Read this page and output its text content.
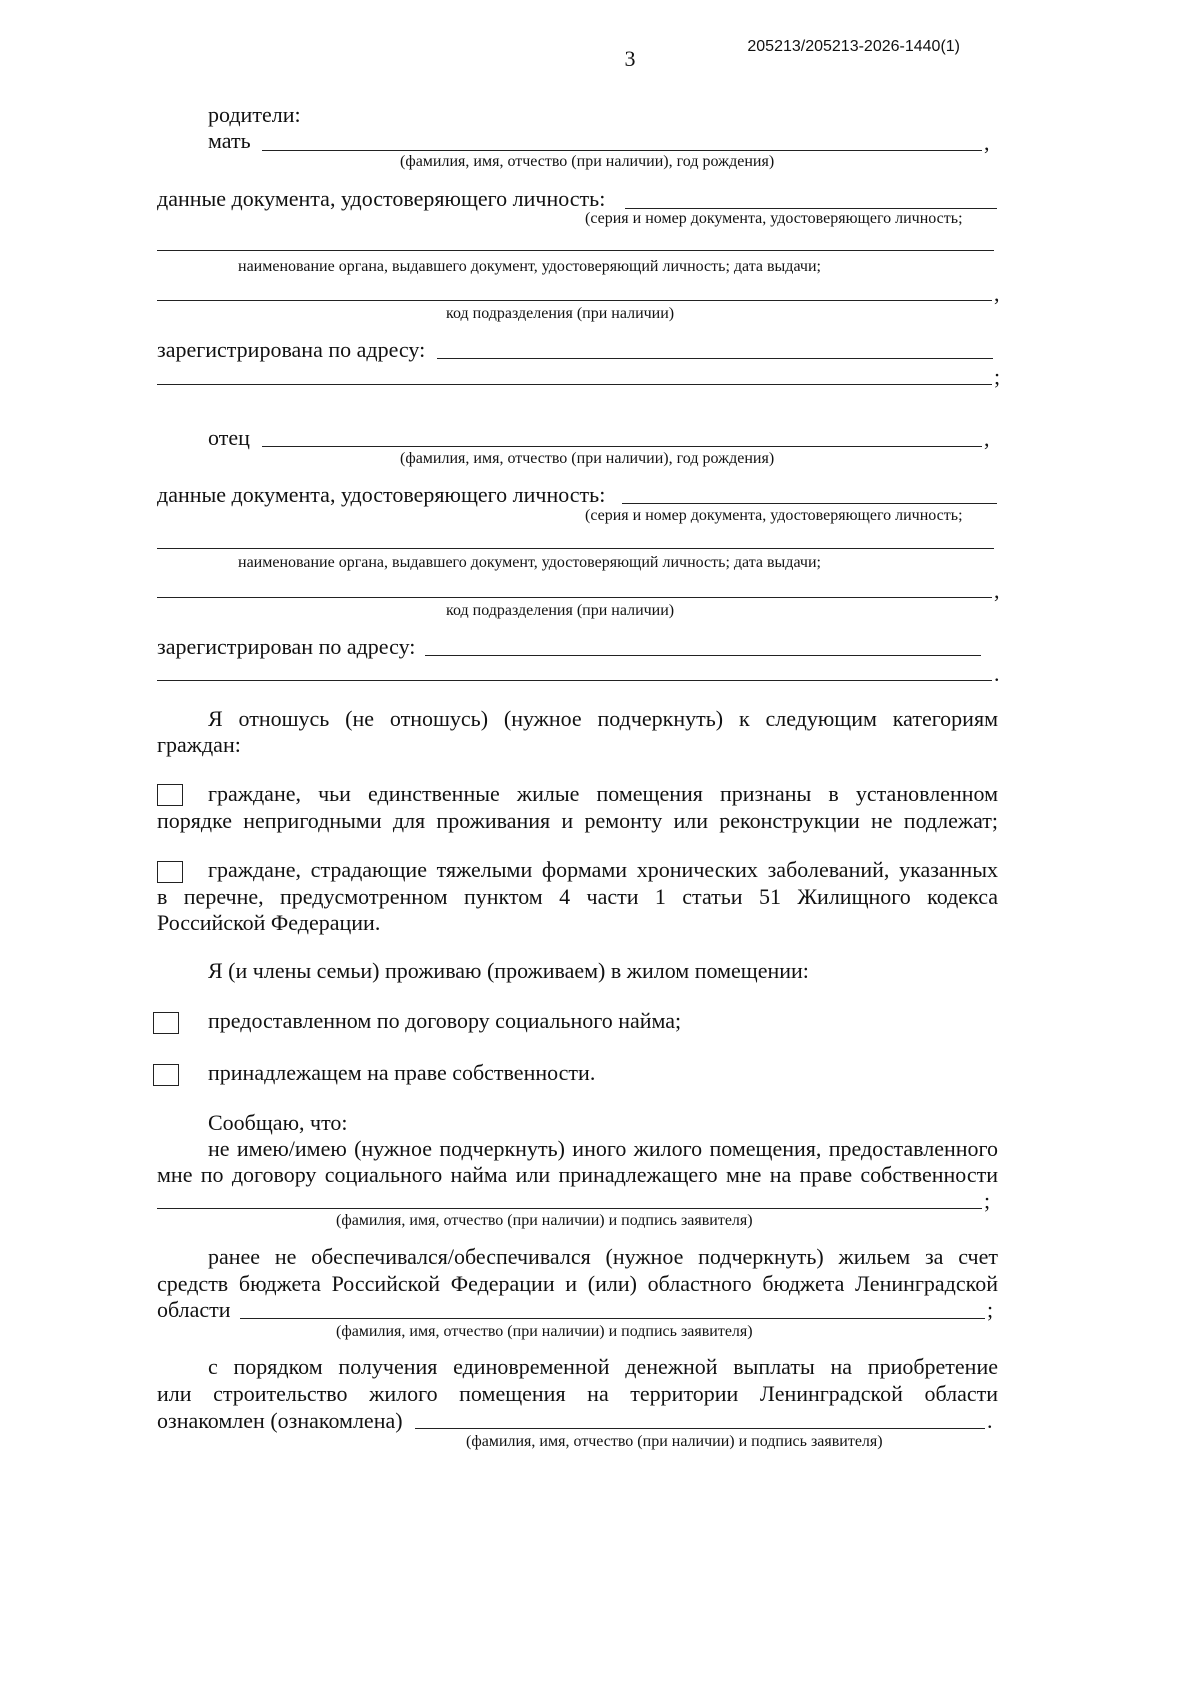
205213/205213-2026-1440(1)
3
родители:
мать	,
(фамилия, имя, отчество (при наличии), год рождения)
данные документа, удостоверяющего личность:
(серия и номер документа, удостоверяющего личность;
наименование органа, выдавшего документ, удостоверяющий личность; дата выдачи;
,
код подразделения (при наличии)
зарегистрирована по адресу:
;
отец	,
(фамилия, имя, отчество (при наличии), год рождения)
данные документа, удостоверяющего личность:
(серия и номер документа, удостоверяющего личность;
наименование органа, выдавшего документ, удостоверяющий личность; дата выдачи;
,
код подразделения (при наличии)
зарегистрирован по адресу:
.
Я отношусь (не отношусь) (нужное подчеркнуть) к следующим категориям
граждан:
граждане, чьи единственные жилые помещения признаны в установленном
порядке непригодными для проживания и ремонту или реконструкции не подлежат;
граждане, страдающие тяжелыми формами хронических заболеваний, указанных
в перечне, предусмотренном пунктом 4 части 1 статьи 51 Жилищного кодекса
Российской Федерации.
Я (и члены семьи) проживаю (проживаем) в жилом помещении:
предоставленном по договору социального найма;
принадлежащем на праве собственности.
Сообщаю, что:
не имею/имею (нужное подчеркнуть) иного жилого помещения, предоставленного
мне по договору социального найма или принадлежащего мне на праве собственности
;
(фамилия, имя, отчество (при наличии) и подпись заявителя)
ранее не обеспечивался/обеспечивался (нужное подчеркнуть) жильем за счет
средств бюджета Российской Федерации и (или) областного бюджета Ленинградской
области	;
(фамилия, имя, отчество (при наличии) и подпись заявителя)
с порядком получения единовременной денежной выплаты на приобретение
или строительство жилого помещения на территории Ленинградской области
ознакомлен (ознакомлена)	.
(фамилия, имя, отчество (при наличии) и подпись заявителя)
